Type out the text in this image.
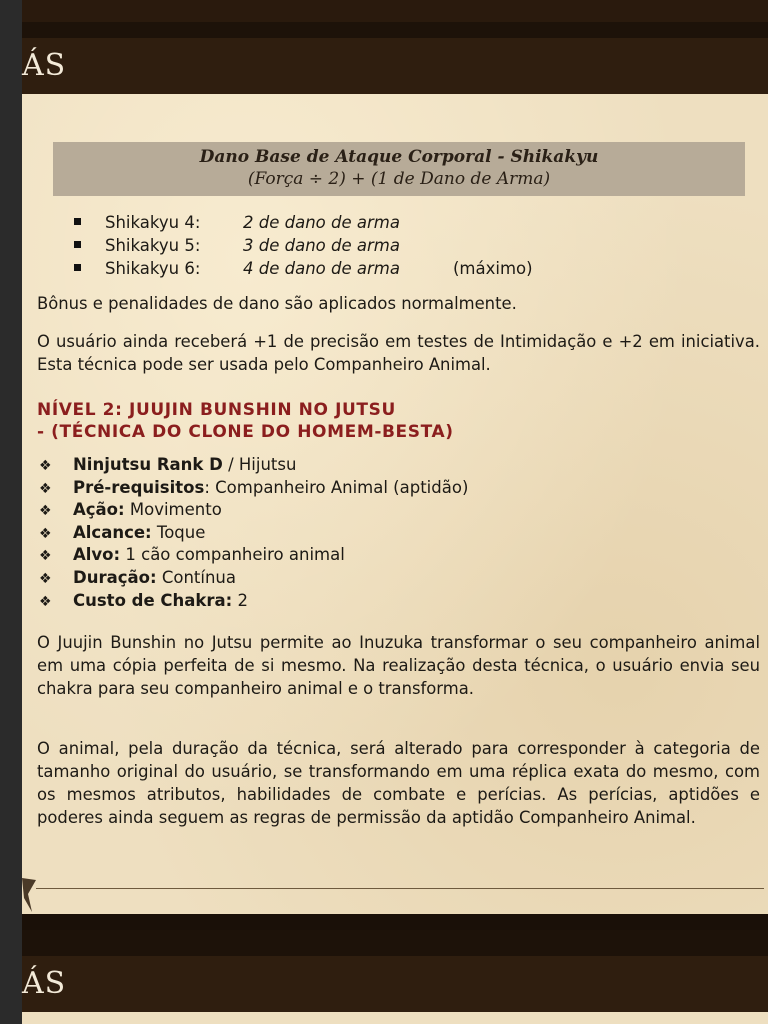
ÁS
Dano Base de Ataque Corporal - Shikakyu
(Força ÷ 2) + (1 de Dano de Arma)
Shikakyu 4:	2 de dano de arma
Shikakyu 5:	3 de dano de arma
Shikakyu 6:	4 de dano de arma	(máximo)

Bônus e penalidades de dano são aplicados normalmente.

O usuário ainda receberá +1 de precisão em testes de Intimidação e +2 em iniciativa. Esta técnica pode ser usada pelo Companheiro Animal.

NÍVEL 2: JUUJIN BUNSHIN NO JUTSU
- (TÉCNICA DO CLONE DO HOMEM-BESTA)
❖ Ninjutsu Rank D / Hijutsu
❖ Pré-requisitos: Companheiro Animal (aptidão)
❖ Ação: Movimento
❖ Alcance: Toque
❖ Alvo: 1 cão companheiro animal
❖ Duração: Contínua
❖ Custo de Chakra: 2

O Juujin Bunshin no Jutsu permite ao Inuzuka transformar o seu companheiro animal em uma cópia perfeita de si mesmo. Na realização desta técnica, o usuário envia seu chakra para seu companheiro animal e o transforma.

O animal, pela duração da técnica, será alterado para corresponder à categoria de tamanho original do usuário, se transformando em uma réplica exata do mesmo, com os mesmos atributos, habilidades de combate e perícias. As perícias, aptidões e poderes ainda seguem as regras de permissão da aptidão Companheiro Animal.

ÁS
